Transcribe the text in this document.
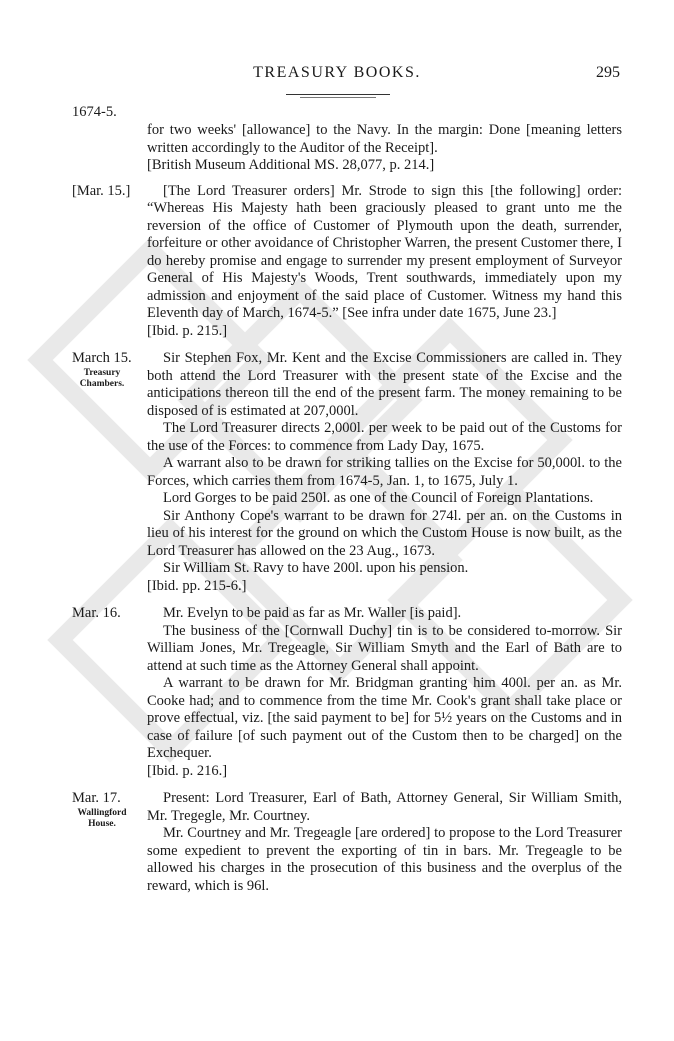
TREASURY BOOKS.	295
1674-5.

for two weeks' [allowance] to the Navy. In the margin: Done [meaning letters written accordingly to the Auditor of the Receipt].

[British Museum Additional MS. 28,077, p. 214.]

[Mar. 15.]	[The Lord Treasurer orders] Mr. Strode to sign this [the following] order: “Whereas His Majesty hath been graciously pleased to grant unto me the reversion of the office of Customer of Plymouth upon the death, surrender, forfeiture or other avoidance of Christopher Warren, the present Customer there, I do hereby promise and engage to surrender my present employment of Surveyor General of His Majesty's Woods, Trent southwards, immediately upon my admission and enjoyment of the said place of Customer. Witness my hand this Eleventh day of March, 1674-5.” [See infra under date 1675, June 23.]

[Ibid. p. 215.]

March 15.
Treasury Chambers.

Sir Stephen Fox, Mr. Kent and the Excise Commissioners are called in. They both attend the Lord Treasurer with the present state of the Excise and the anticipations thereon till the end of the present farm. The money remaining to be disposed of is estimated at 207,000l.

The Lord Treasurer directs 2,000l. per week to be paid out of the Customs for the use of the Forces: to commence from Lady Day, 1675.

A warrant also to be drawn for striking tallies on the Excise for 50,000l. to the Forces, which carries them from 1674-5, Jan. 1, to 1675, July 1.

Lord Gorges to be paid 250l. as one of the Council of Foreign Plantations.

Sir Anthony Cope's warrant to be drawn for 274l. per an. on the Customs in lieu of his interest for the ground on which the Custom House is now built, as the Lord Treasurer has allowed on the 23 Aug., 1673.

Sir William St. Ravy to have 200l. upon his pension.

[Ibid. pp. 215-6.]

Mar. 16.	Mr. Evelyn to be paid as far as Mr. Waller [is paid].

The business of the [Cornwall Duchy] tin is to be considered to-morrow. Sir William Jones, Mr. Tregeagle, Sir William Smyth and the Earl of Bath are to attend at such time as the Attorney General shall appoint.

A warrant to be drawn for Mr. Bridgman granting him 400l. per an. as Mr. Cooke had; and to commence from the time Mr. Cook's grant shall take place or prove effectual, viz. [the said payment to be] for 5½ years on the Customs and in case of failure [of such payment out of the Custom then to be charged] on the Exchequer.

[Ibid. p. 216.]

Mar. 17.
Wallingford House.

Present: Lord Treasurer, Earl of Bath, Attorney General, Sir William Smith, Mr. Tregegle, Mr. Courtney.

Mr. Courtney and Mr. Tregeagle [are ordered] to propose to the Lord Treasurer some expedient to prevent the exporting of tin in bars. Mr. Tregeagle to be allowed his charges in the prosecution of this business and the overplus of the reward, which is 96l.
